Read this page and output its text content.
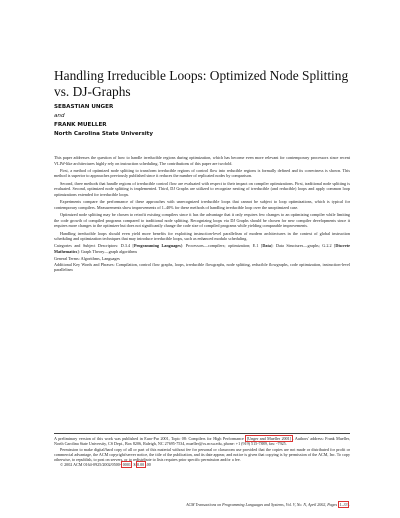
Handling Irreducible Loops: Optimized Node Splitting vs. DJ-Graphs
SEBASTIAN UNGER
and
FRANK MUELLER
North Carolina State University

This paper addresses the question of how to handle irreducible regions during optimization, which has become even more relevant for contemporary processors since recent VLIW-like architectures highly rely on instruction scheduling. The contributions of this paper are twofold.

First, a method of optimized node splitting to transform irreducible regions of control flow into reducible regions is formally defined and its correctness is shown. This method is superior to approaches previously published since it reduces the number of replicated nodes by comparison.

Second, three methods that handle regions of irreducible control flow are evaluated with respect to their impact on compiler optimizations. First, traditional node splitting is evaluated. Second, optimized node splitting is implemented. Third, DJ Graphs are utilized to recognize nesting of irreducible (and reducible) loops and apply common loop optimizations extended for irreducible loops.

Experiments compare the performance of these approaches with unrecognized irreducible loops that cannot be subject to loop optimizations, which is typical for contemporary compilers. Measurements show improvements of 1–40% for these methods of handling irreducible loop over the unoptimized case.

Optimized node splitting may be chosen to retrofit existing compilers since it has the advantage that it only requires few changes to an optimizing compiler while limiting the code growth of compiled programs compared to traditional node splitting. Recognizing loops via DJ Graphs should be chosen for new compiler developments since it requires more changes to the optimizer but does not significantly change the code size of compiled programs while yielding comparable improvements.

Handling irreducible loops should even yield more benefits for exploiting instruction-level parallelism of modern architectures in the context of global instruction scheduling and optimization techniques that may introduce irreducible loops, such as enhanced modulo scheduling.

Categories and Subject Descriptors: D.3.4 [Programming Languages]: Processors—compilers; optimization; E.1 [Data]: Data Structures—graphs; G.2.2 [Discrete Mathematics]: Graph Theory—graph algorithms

General Terms: Algorithms, Languages

Additional Key Words and Phrases: Compilation, control flow graphs, loops, irreducible flowgraphs, node splitting, reducible flowgraphs, code optimization, instruction-level parallelism

A preliminary version of this work was published in Euro-Par 2001, Topic 08: Compilers for High Performance [Unger and Mueller 2001] . Authors' address: Frank Mueller, North Carolina State University, CS Dept., Box 8206, Raleigh, NC 27695-7534, mueller@cs.ncsu.edu, phone: +1 (919) 515-7889, fax: -7925.

Permission to make digital/hard copy of all or part of this material without fee for personal or classroom use provided that the copies are not made or distributed for profit or commercial advantage, the ACM copyright/server notice, the title of the publication, and its date appear, and notice is given that copying is by permission of the ACM, Inc. To copy otherwise, to republish, to post on servers, or to redistribute to lists requires prior specific permission and/or a fee.

© 2002 ACM 0164-0925/2002/0500- 0001 $ 0.00 .00

ACM Transactions on Programming Languages and Systems, Vol. V, No. N, April 2002, Pages 1–33 .
